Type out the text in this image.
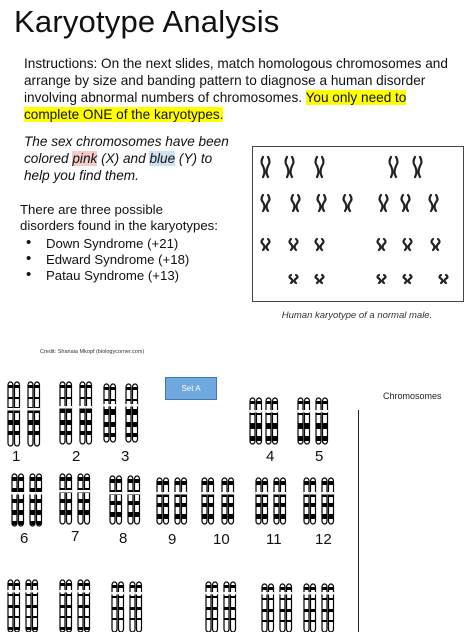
Karyotype Analysis
Instructions: On the next slides, match homologous chromosomes and arrange by size and banding pattern to diagnose a human disorder involving abnormal numbers of chromosomes. You only need to complete ONE of the karyotypes.
The sex chromosomes have been colored pink (X) and blue (Y) to help you find them.
There are three possible disorders found in the karyotypes:
• Down Syndrome (+21)
• Edward Syndrome (+18)
• Patau Syndrome (+13)
Human karyotype of a normal male.
Credit: Shanaia Mkopf (biologycorner.com)
Set A
Chromosomes
1	2	3	4	5
6	7	8	9 10 11 12
